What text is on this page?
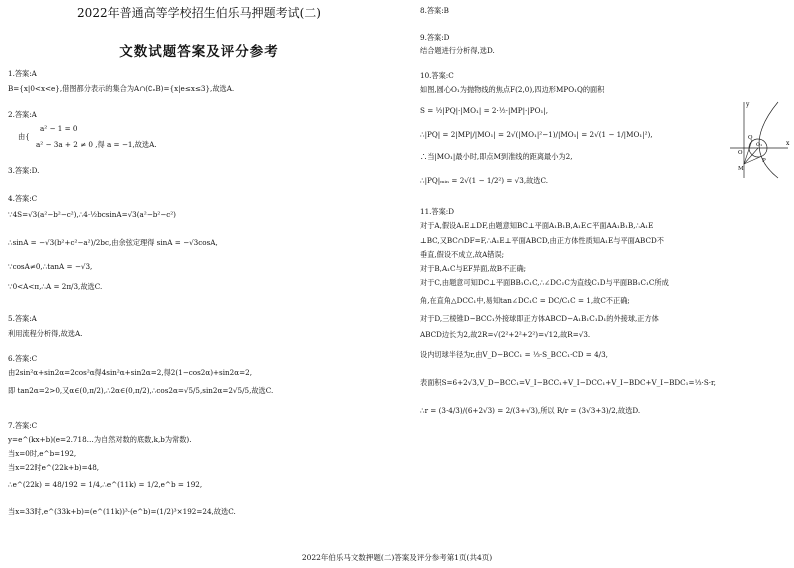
2022年普通高等学校招生伯乐马押题考试(二)
文数试题答案及评分参考
1.答案:A
B={x|0<x<e},借图都分表示的集合为A∩(∁ₑB)={x|e≤x≤3},故选A.
2.答案:A
a² − 1 = 0
由{
a² − 3a + 2 ≠ 0 ,得 a = −1,故选A.
3.答案:D.
4.答案:C
∵4S=√3(a²−b²−c²),∴4·½bcsinA=√3(a²−b²−c²)
∴sinA = −√3(b²+c²−a²)/2bc,由余弦定理得 sinA = −√3cosA,
∵cosA≠0,∴tanA = −√3,
∵0<A<π,∴A = 2π/3,故选C.
5.答案:A
利用流程分析得,故选A.
6.答案:C
由2sin²α+sin2α=2cos²α得4sin²α+sin2α=2,得2(1−cos2α)+sin2α=2,
即 tan2α=2>0,又α∈(0,π/2),∴2α∈(0,π/2),∴cos2α=√5/5,sin2α=2√5/5,故选C.
7.答案:C
y=e^(kx+b)(e=2.718…为自然对数的底数,k,b为常数).
当x=0时,e^b=192,
当x=22时e^(22k+b)=48,
∴e^(22k) = 48/192 = 1/4,∴e^(11k) = 1/2,e^b = 192,
当x=33时,e^(33k+b)=(e^(11k))³·(e^b)=(1/2)³×192=24,故选C.
8.答案:B
9.答案:D
结合题进行分析得,选D.
10.答案:C
如图,圆心O₁为抛物线的焦点F(2,0),四边形MPO₁Q的面积
S = ½|PQ|·|MO₁| = 2·½·|MP|·|PO₁|,
∴|PQ| = 2|MP|/|MO₁| = 2√(|MO₁|²−1)/|MO₁| = 2√(1 − 1/|MO₁|²),
∴当|MO₁|最小时,即点M到准线的距离最小为2,
∴|PQ|ₘᵢₙ = 2√(1 − 1/2²) = √3,故选C.
11.答案:D
对于A,假设A₁E⊥DF,由题意知BC⊥平面A₁B₁B,A₁E⊂平面AA₁B₁B,∴A₁E
⊥BC,又BC∩DF=F,∴A₁E⊥平面ABCD,由正方体性质知A₁E与平面ABCD不
垂直,假设不成立,故A错误;
对于B,A₁C与EF异面,故B不正确;
对于C,由题意可知DC⊥平面BB₁C₁C,∴∠DC₁C为直线C₁D与平面BB₁C₁C所成
角,在直角△DCC₁中,易知tan∠DC₁C = DC/C₁C = 1,故C不正确;
对于D,三棱锥D−BCC₁外接球即正方体ABCD−A₁B₁C₁D₁的外接球,正方体
ABCD边长为2,故2R=√(2²+2²+2²)=√12,故R=√3.
设内切球半径为r,由V_D−BCC₁ = ⅓·S_BCC₁·CD = 4/3,
表面积S=6+2√3,V_D−BCC₁=V_I−BCC₁+V_I−DCC₁+V_I−BDC+V_I−BDC₁=⅓·S·r,
∴r = (3·4/3)/(6+2√3) = 2/(3+√3),所以 R/r = (3√3+3)/2,故选D.
x
y
Q
O
O₁
P
M
2022年伯乐马文数押题(二)答案及评分参考第1页(共4页)
